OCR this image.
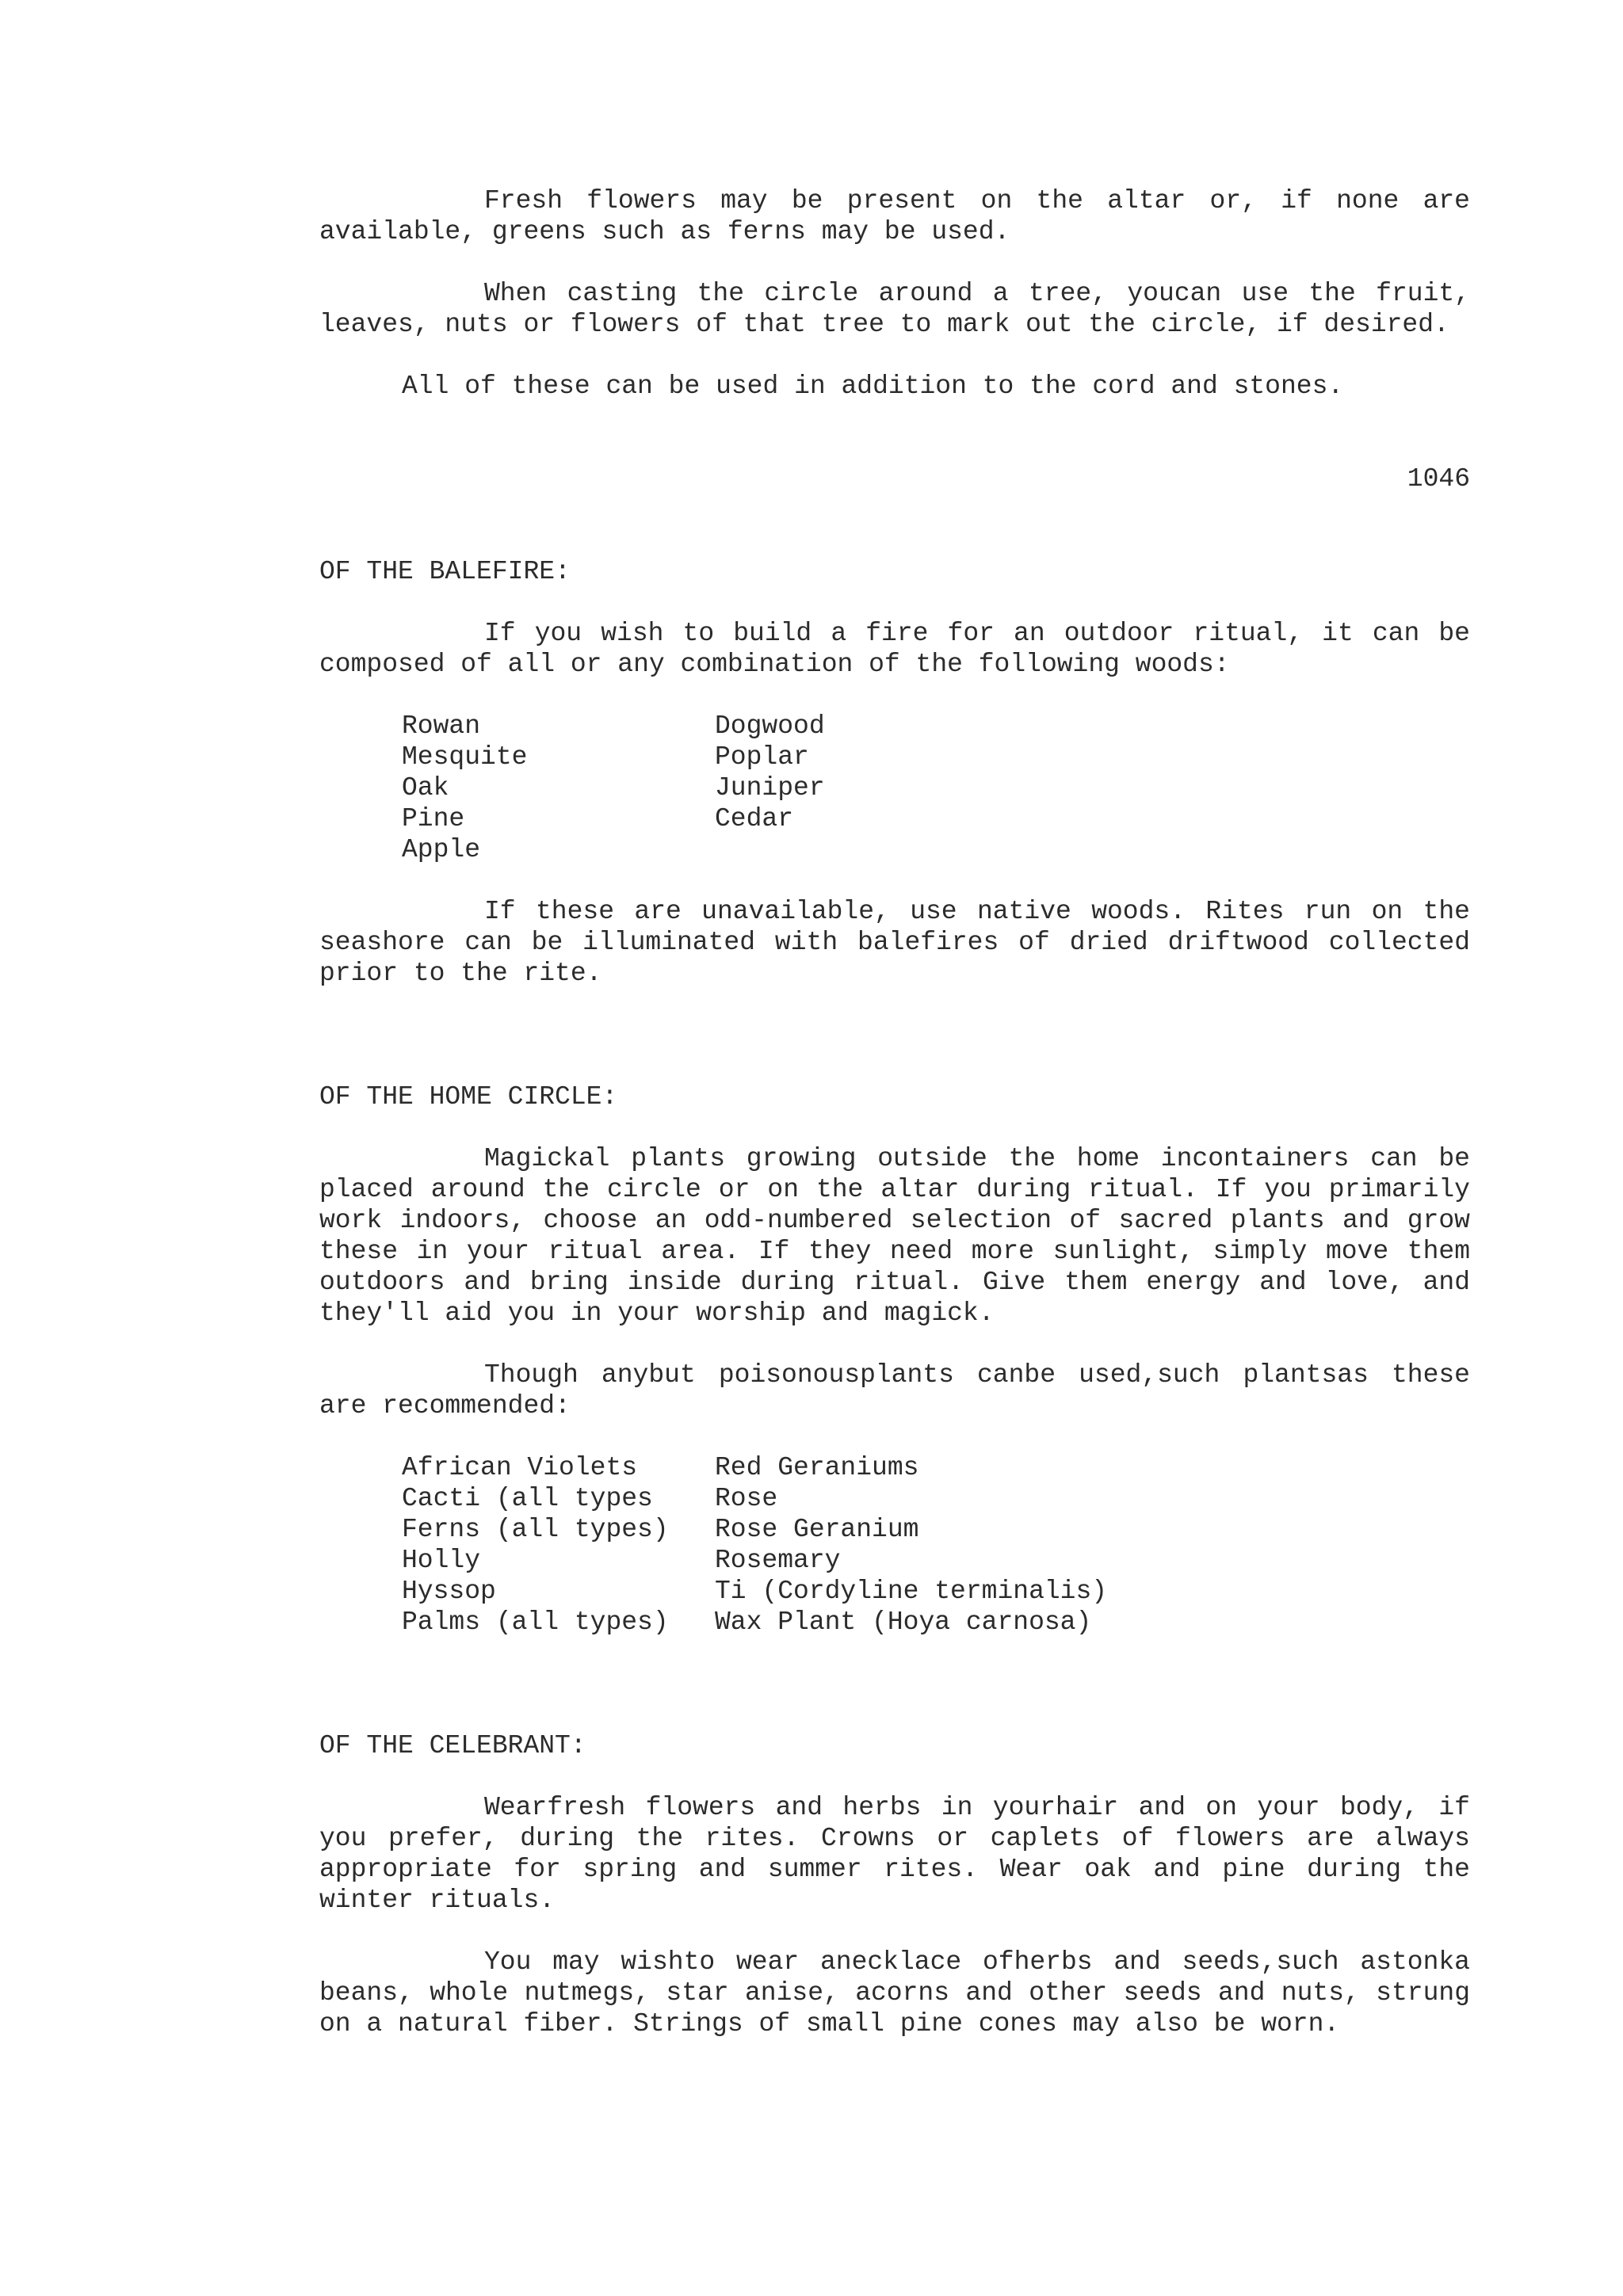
Fresh flowers may be present on the altar or, if none are available, greens such as ferns may be used.

When casting the circle around a tree, youcan use the fruit, leaves, nuts or flowers of that tree to mark out the circle, if desired.

All of these can be used in addition to the cord and stones.

1046

OF THE BALEFIRE:

If you wish to build a fire for an outdoor ritual, it can be composed of all or any combination of the following woods:

Rowan	Dogwood
Mesquite	Poplar
Oak	Juniper
Pine	Cedar
Apple

If these are unavailable, use native woods. Rites run on the seashore can be illuminated with balefires of dried driftwood collected prior to the rite.

OF THE HOME CIRCLE:

Magickal plants growing outside the home incontainers can be placed around the circle or on the altar during ritual. If you primarily work indoors, choose an odd-numbered selection of sacred plants and grow these in your ritual area. If they need more sunlight, simply move them outdoors and bring inside during ritual. Give them energy and love, and they'll aid you in your worship and magick.

Though anybut poisonousplants canbe used,such plantsas these are recommended:

African Violets	Red Geraniums
Cacti (all types	Rose
Ferns (all types)	Rose Geranium
Holly	Rosemary
Hyssop	Ti (Cordyline terminalis)
Palms (all types)	Wax Plant (Hoya carnosa)

OF THE CELEBRANT:

Wearfresh flowers and herbs in yourhair and on your body, if you prefer, during the rites. Crowns or caplets of flowers are always appropriate for spring and summer rites. Wear oak and pine during the winter rituals.

You may wishto wear anecklace ofherbs and seeds,such astonka beans, whole nutmegs, star anise, acorns and other seeds and nuts, strung on a natural fiber. Strings of small pine cones may also be worn.
